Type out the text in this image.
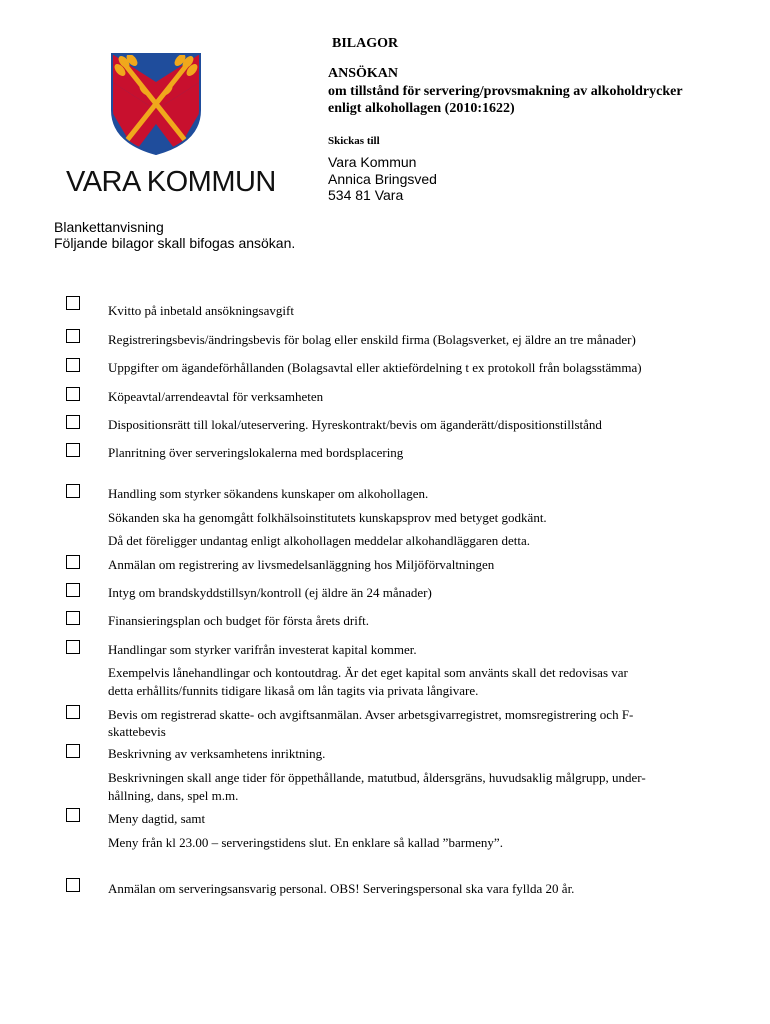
VARA KOMMUN
BILAGOR
ANSÖKAN
om tillstånd för servering/provsmakning av alkoholdrycker
enligt alkohollagen (2010:1622)
Skickas till
Vara Kommun
Annica Bringsved
534 81 Vara
Blankettanvisning
Följande bilagor skall bifogas ansökan.
Kvitto på inbetald ansökningsavgift
Registreringsbevis/ändringsbevis för bolag eller enskild firma (Bolagsverket, ej äldre an tre månader)
Uppgifter om ägandeförhållanden (Bolagsavtal eller aktiefördelning t ex protokoll från bolagsstämma)
Köpeavtal/arrendeavtal för verksamheten
Dispositionsrätt till lokal/uteservering. Hyreskontrakt/bevis om äganderätt/dispositionstillstånd
Planritning över serveringslokalerna med bordsplacering
Handling som styrker sökandens kunskaper om alkohollagen.
Sökanden ska ha genomgått folkhälsoinstitutets kunskapsprov med betyget godkänt.
Då det föreligger undantag enligt alkohollagen meddelar alkohandläggaren detta.
Anmälan om registrering av livsmedelsanläggning hos Miljöförvaltningen
Intyg om brandskyddstillsyn/kontroll (ej äldre än 24 månader)
Finansieringsplan och budget för första årets drift.
Handlingar som styrker varifrån investerat kapital kommer.
Exempelvis lånehandlingar och kontoutdrag. Är det eget kapital som använts skall det redovisas var
detta erhållits/funnits tidigare likaså om lån tagits via privata långivare.
Bevis om registrerad skatte- och avgiftsanmälan. Avser arbetsgivarregistret, momsregistrering och F-
skattebevis
Beskrivning av verksamhetens inriktning.
Beskrivningen skall ange tider för öppethållande, matutbud, åldersgräns, huvudsaklig målgrupp, under-
hållning, dans, spel m.m.
Meny dagtid, samt
Meny från kl 23.00 – serveringstidens slut. En enklare så kallad ”barmeny”.
Anmälan om serveringsansvarig personal. OBS! Serveringspersonal ska vara fyllda 20 år.
